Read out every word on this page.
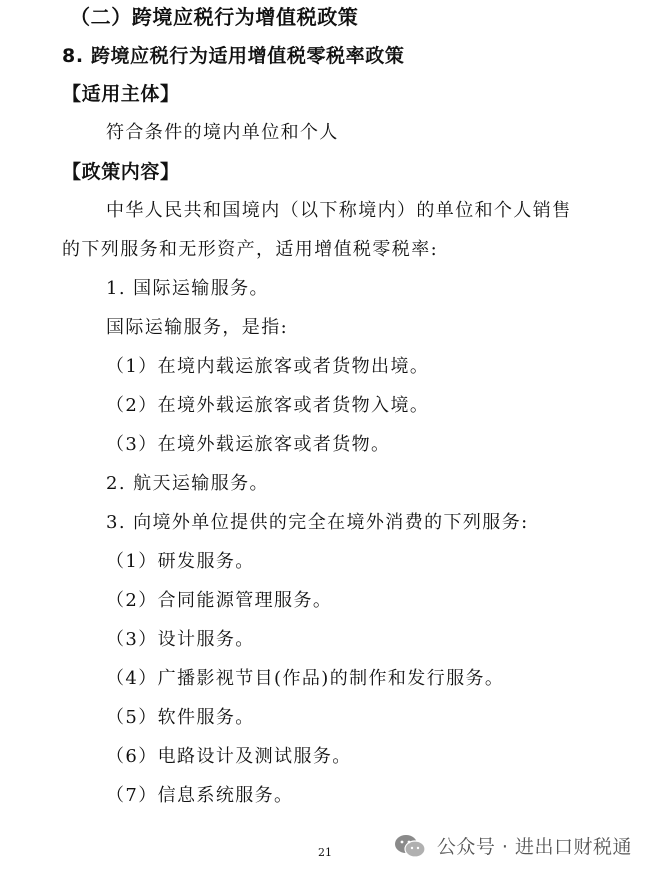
（二）跨境应税行为增值税政策
8. 跨境应税行为适用增值税零税率政策
【适用主体】
符合条件的境内单位和个人
【政策内容】
中华人民共和国境内（以下称境内）的单位和个人销售
的下列服务和无形资产，适用增值税零税率:
1. 国际运输服务。
国际运输服务，是指:
（1）在境内载运旅客或者货物出境。
（2）在境外载运旅客或者货物入境。
（3）在境外载运旅客或者货物。
2. 航天运输服务。
3. 向境外单位提供的完全在境外消费的下列服务:
（1）研发服务。
（2）合同能源管理服务。
（3）设计服务。
（4）广播影视节目(作品)的制作和发行服务。
（5）软件服务。
（6）电路设计及测试服务。
（7）信息系统服务。
21	公众号 · 进出口财税通
